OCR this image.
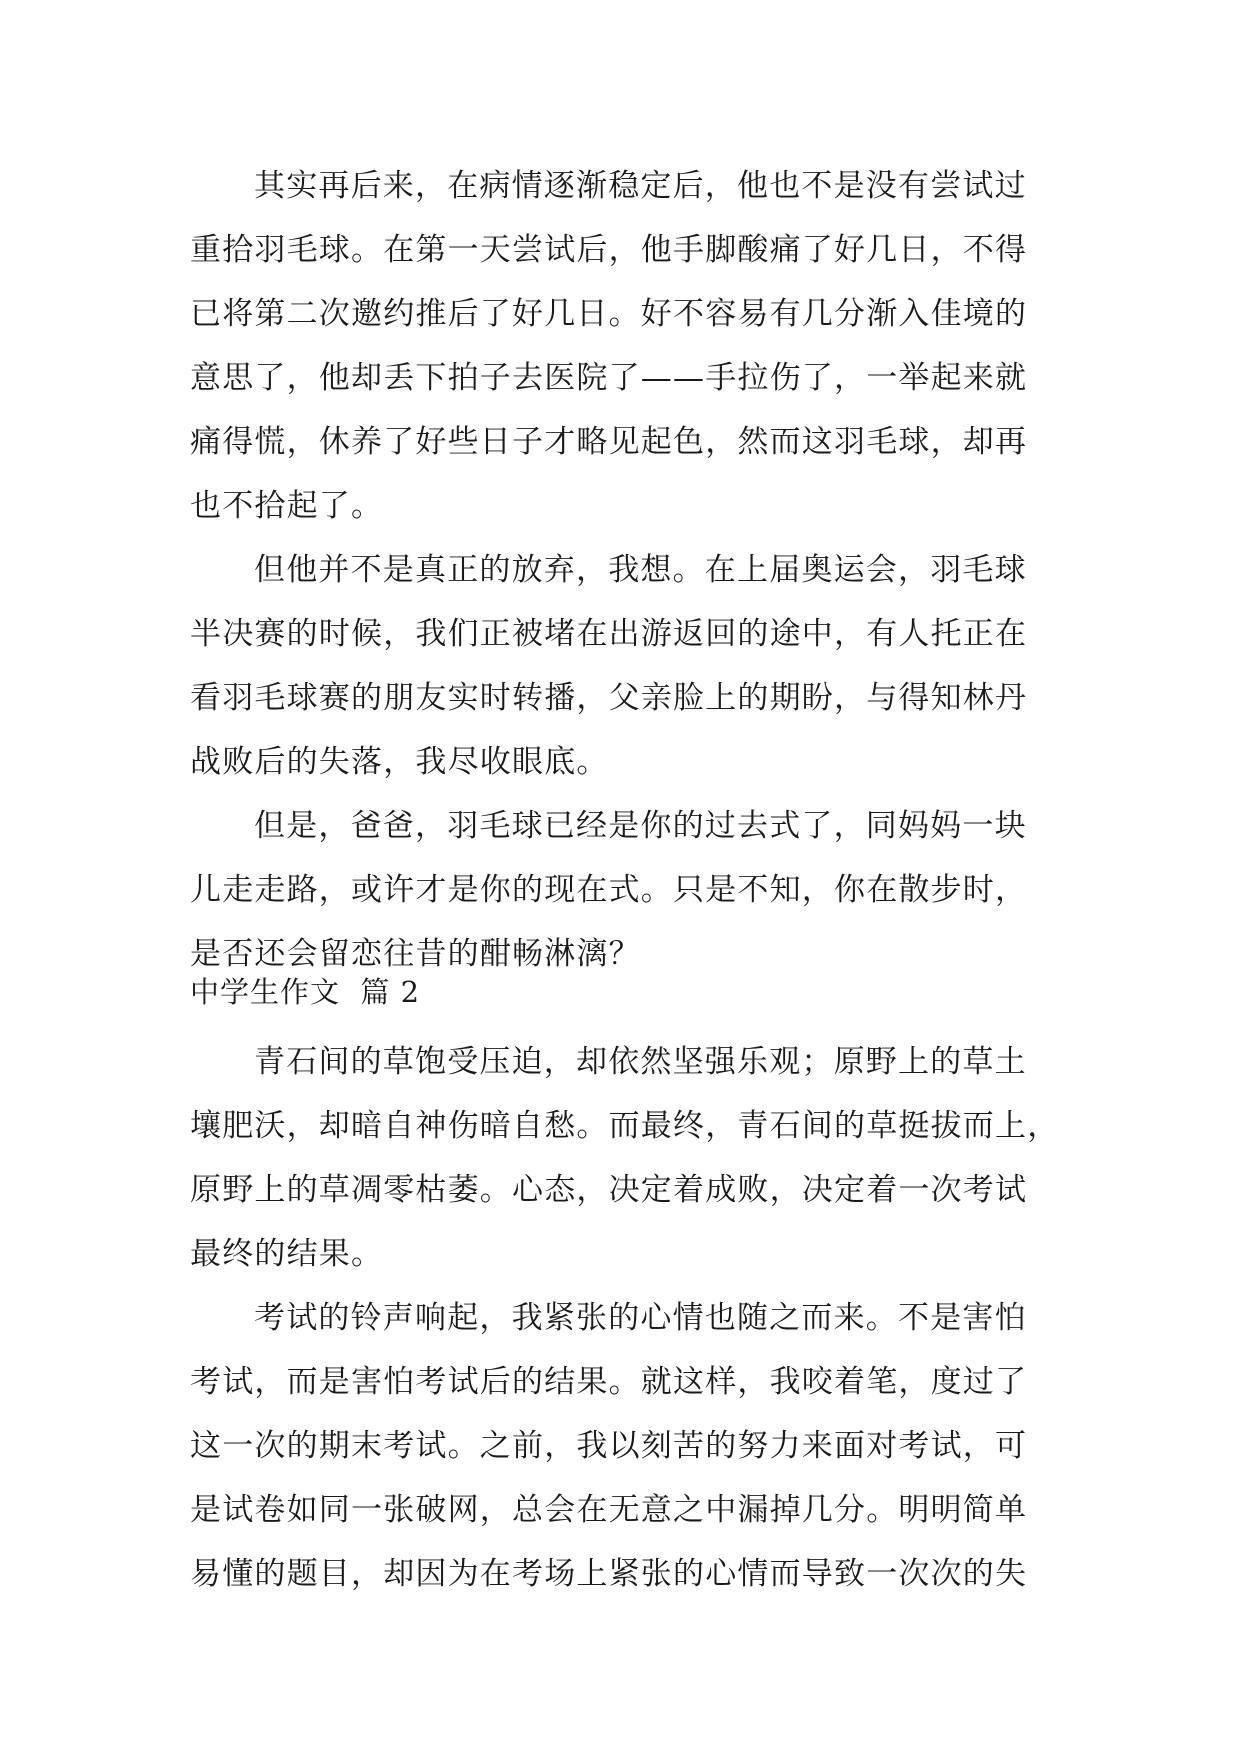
其实再后来，在病情逐渐稳定后，他也不是没有尝试过
重拾羽毛球。在第一天尝试后，他手脚酸痛了好几日，不得
已将第二次邀约推后了好几日。好不容易有几分渐入佳境的
意思了，他却丢下拍子去医院了——手拉伤了，一举起来就
痛得慌，休养了好些日子才略见起色，然而这羽毛球，却再
也不拾起了。
但他并不是真正的放弃，我想。在上届奥运会，羽毛球
半决赛的时候，我们正被堵在出游返回的途中，有人托正在
看羽毛球赛的朋友实时转播，父亲脸上的期盼，与得知林丹
战败后的失落，我尽收眼底。
但是，爸爸，羽毛球已经是你的过去式了，同妈妈一块
儿走走路，或许才是你的现在式。只是不知，你在散步时，
是否还会留恋往昔的酣畅淋漓？
中学生作文  篇 2
青石间的草饱受压迫，却依然坚强乐观；原野上的草土
壤肥沃，却暗自神伤暗自愁。而最终，青石间的草挺拔而上，
原野上的草凋零枯萎。心态，决定着成败，决定着一次考试
最终的结果。
考试的铃声响起，我紧张的心情也随之而来。不是害怕
考试，而是害怕考试后的结果。就这样，我咬着笔，度过了
这一次的期末考试。之前，我以刻苦的努力来面对考试，可
是试卷如同一张破网，总会在无意之中漏掉几分。明明简单
易懂的题目，却因为在考场上紧张的心情而导致一次次的失
